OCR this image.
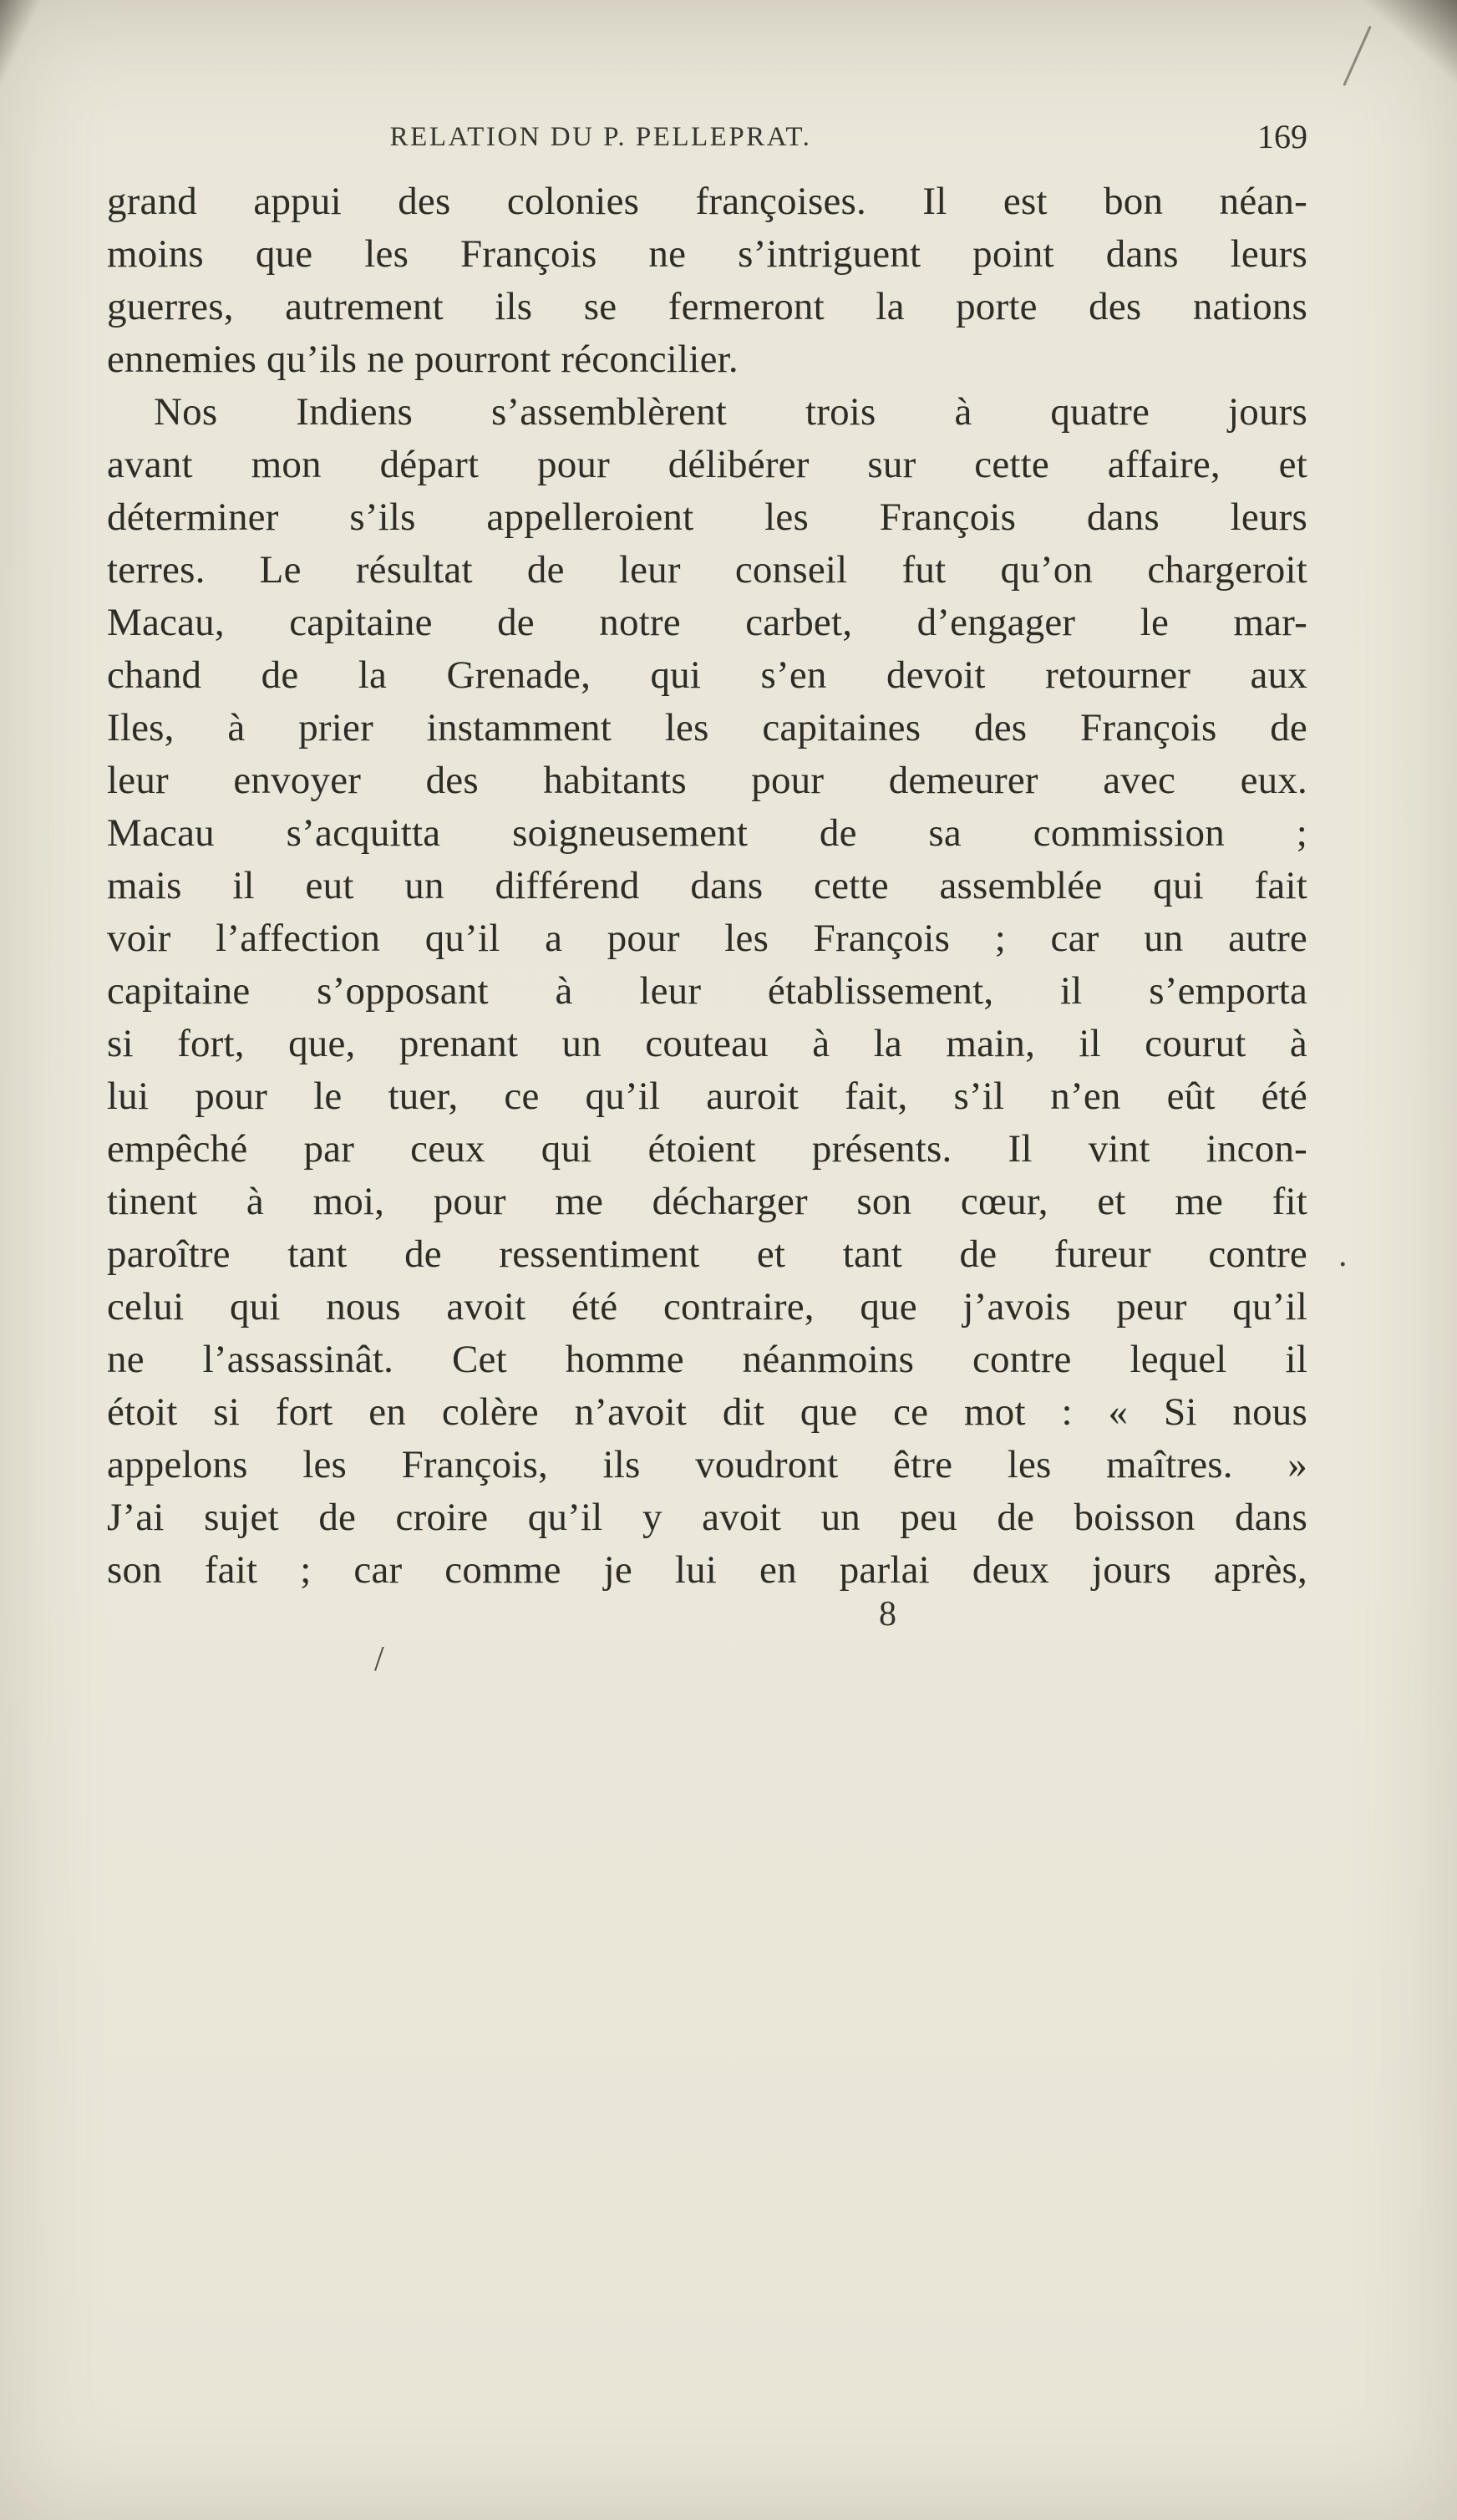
RELATION DU P. PELLEPRAT.	169
grand appui des colonies françoises. Il est bon néan-
moins que les François ne s’intriguent point dans leurs
guerres, autrement ils se fermeront la porte des nations
ennemies qu’ils ne pourront réconcilier.
Nos Indiens s’assemblèrent trois à quatre jours
avant mon départ pour délibérer sur cette affaire, et
déterminer s’ils appelleroient les François dans leurs
terres. Le résultat de leur conseil fut qu’on chargeroit
Macau, capitaine de notre carbet, d’engager le mar-
chand de la Grenade, qui s’en devoit retourner aux
Iles, à prier instamment les capitaines des François de
leur envoyer des habitants pour demeurer avec eux.
Macau s’acquitta soigneusement de sa commission ;
mais il eut un différend dans cette assemblée qui fait
voir l’affection qu’il a pour les François ; car un autre
capitaine s’opposant à leur établissement, il s’emporta
si fort, que, prenant un couteau à la main, il courut à
lui pour le tuer, ce qu’il auroit fait, s’il n’en eût été
empêché par ceux qui étoient présents. Il vint incon-
tinent à moi, pour me décharger son cœur, et me fit
paroître tant de ressentiment et tant de fureur contre
celui qui nous avoit été contraire, que j’avois peur qu’il
ne l’assassinât. Cet homme néanmoins contre lequel il
étoit si fort en colère n’avoit dit que ce mot : « Si nous
appelons les François, ils voudront être les maîtres. »
J’ai sujet de croire qu’il y avoit un peu de boisson dans
son fait ; car comme je lui en parlai deux jours après,
8
/
.
